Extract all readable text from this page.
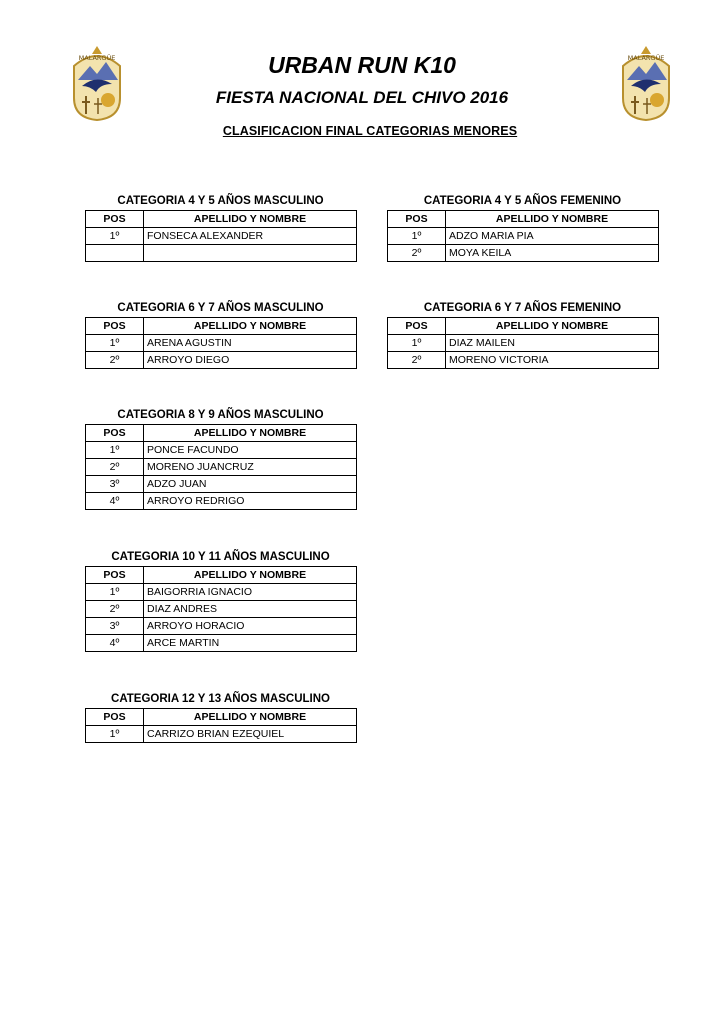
MALARGÜE	MALARGÜE
URBAN RUN K10
FIESTA NACIONAL DEL CHIVO 2016
CLASIFICACION FINAL CATEGORIAS MENORES
CATEGORIA 4 Y 5 AÑOS MASCULINO
POS	APELLIDO Y NOMBRE
1º	FONSECA ALEXANDER

CATEGORIA 4 Y 5 AÑOS FEMENINO
POS	APELLIDO Y NOMBRE
1º	ADZO MARIA PIA
2º	MOYA KEILA
CATEGORIA 6 Y 7 AÑOS MASCULINO
POS	APELLIDO Y NOMBRE
1º	ARENA AGUSTIN
2º	ARROYO DIEGO
CATEGORIA 6 Y 7 AÑOS FEMENINO
POS	APELLIDO Y NOMBRE
1º	DIAZ MAILEN
2º	MORENO VICTORIA
CATEGORIA 8 Y 9 AÑOS MASCULINO
POS	APELLIDO Y NOMBRE
1º	PONCE FACUNDO
2º	MORENO JUANCRUZ
3º	ADZO JUAN
4º	ARROYO REDRIGO
CATEGORIA 10 Y 11 AÑOS MASCULINO
POS	APELLIDO Y NOMBRE
1º	BAIGORRIA IGNACIO
2º	DIAZ ANDRES
3º	ARROYO HORACIO
4º	ARCE MARTIN
CATEGORIA 12 Y 13 AÑOS MASCULINO
POS	APELLIDO Y NOMBRE
1º	CARRIZO BRIAN EZEQUIEL
